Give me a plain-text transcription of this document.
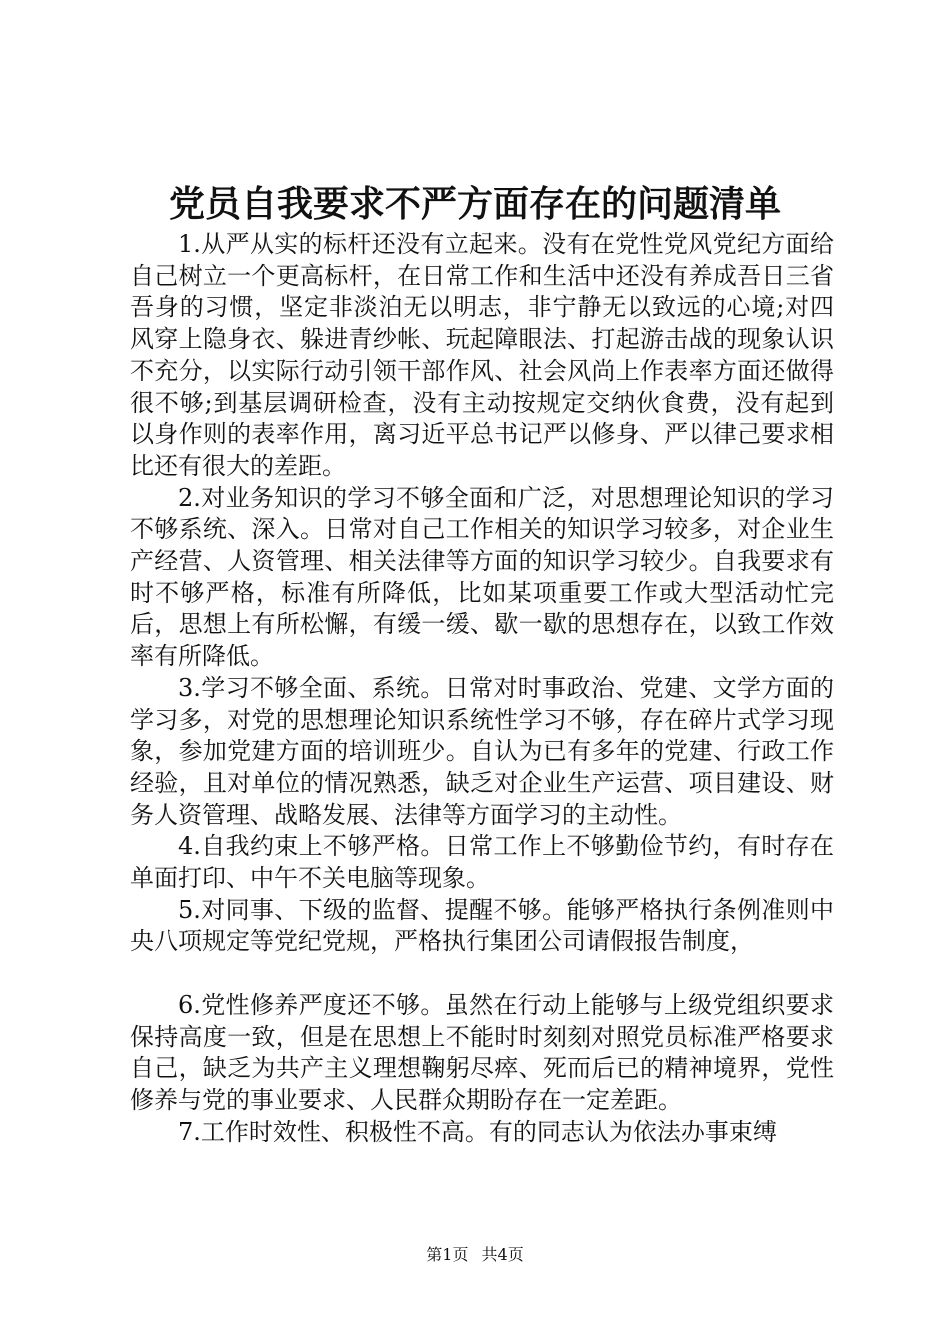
党员自我要求不严方面存在的问题清单

1.从严从实的标杆还没有立起来。没有在党性党风党纪方面给自己树立一个更高标杆，在日常工作和生活中还没有养成吾日三省吾身的习惯，坚定非淡泊无以明志，非宁静无以致远的心境;对四风穿上隐身衣、躲进青纱帐、玩起障眼法、打起游击战的现象认识不充分，以实际行动引领干部作风、社会风尚上作表率方面还做得很不够;到基层调研检查，没有主动按规定交纳伙食费，没有起到以身作则的表率作用，离习近平总书记严以修身、严以律己要求相比还有很大的差距。

2.对业务知识的学习不够全面和广泛，对思想理论知识的学习不够系统、深入。日常对自己工作相关的知识学习较多，对企业生产经营、人资管理、相关法律等方面的知识学习较少。自我要求有时不够严格，标准有所降低，比如某项重要工作或大型活动忙完后，思想上有所松懈，有缓一缓、歇一歇的思想存在，以致工作效率有所降低。

3.学习不够全面、系统。日常对时事政治、党建、文学方面的学习多，对党的思想理论知识系统性学习不够，存在碎片式学习现象，参加党建方面的培训班少。自认为已有多年的党建、行政工作经验，且对单位的情况熟悉，缺乏对企业生产运营、项目建设、财务人资管理、战略发展、法律等方面学习的主动性。

4.自我约束上不够严格。日常工作上不够勤俭节约，有时存在单面打印、中午不关电脑等现象。

5.对同事、下级的监督、提醒不够。能够严格执行条例准则中央八项规定等党纪党规，严格执行集团公司请假报告制度，

6.党性修养严度还不够。虽然在行动上能够与上级党组织要求保持高度一致，但是在思想上不能时时刻刻对照党员标准严格要求自己，缺乏为共产主义理想鞠躬尽瘁、死而后已的精神境界，党性修养与党的事业要求、人民群众期盼存在一定差距。

7.工作时效性、积极性不高。有的同志认为依法办事束缚

第1页 共4页
